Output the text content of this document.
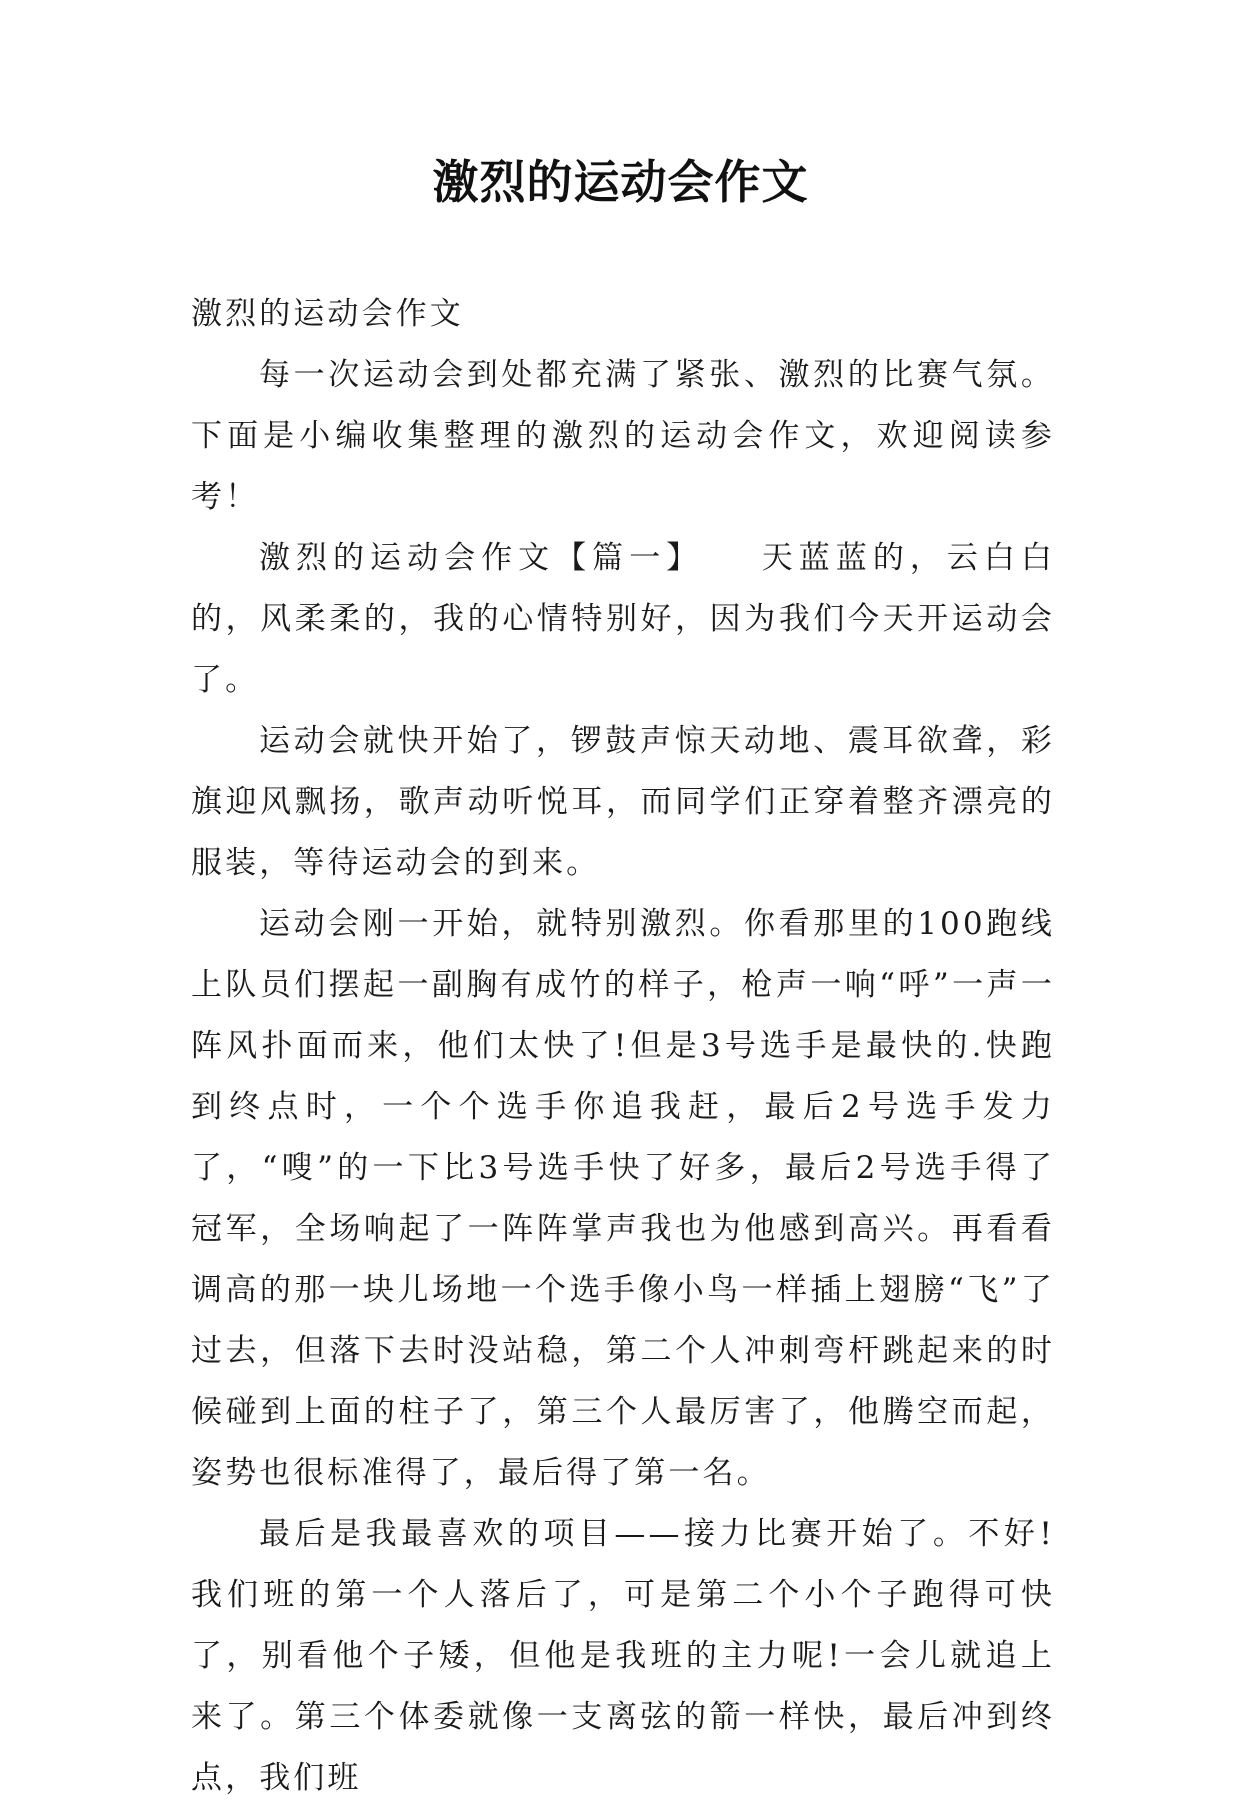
激烈的运动会作文

激烈的运动会作文

每一次运动会到处都充满了紧张、激烈的比赛气氛。下面是小编收集整理的激烈的运动会作文，欢迎阅读参考！

激烈的运动会作文【篇一】　　天蓝蓝的，云白白的，风柔柔的，我的心情特别好，因为我们今天开运动会了。

运动会就快开始了，锣鼓声惊天动地、震耳欲聋，彩旗迎风飘扬，歌声动听悦耳，而同学们正穿着整齐漂亮的服装，等待运动会的到来。

运动会刚一开始，就特别激烈。你看那里的100跑线上队员们摆起一副胸有成竹的样子，枪声一响“呼”一声一阵风扑面而来，他们太快了!但是3号选手是最快的.快跑到终点时，一个个选手你追我赶，最后2号选手发力了，“嗖”的一下比3号选手快了好多，最后2号选手得了冠军，全场响起了一阵阵掌声我也为他感到高兴。再看看调高的那一块儿场地一个选手像小鸟一样插上翅膀“飞”了过去，但落下去时没站稳，第二个人冲刺弯杆跳起来的时候碰到上面的柱子了，第三个人最厉害了，他腾空而起，姿势也很标准得了，最后得了第一名。

最后是我最喜欢的项目——接力比赛开始了。不好!我们班的第一个人落后了，可是第二个小个子跑得可快了，别看他个子矮，但他是我班的主力呢!一会儿就追上来了。第三个体委就像一支离弦的箭一样快，最后冲到终点，我们班
